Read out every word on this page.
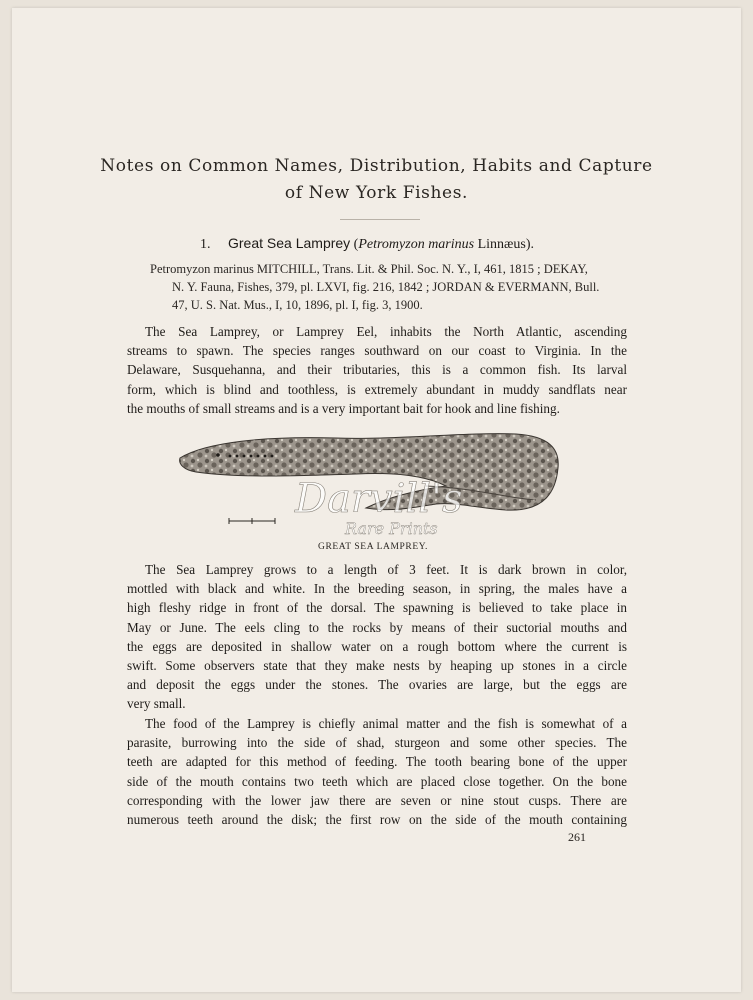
Notes on Common Names, Distribution, Habits and Capture
of New York Fishes.
1. Great Sea Lamprey (Petromyzon marinus Linnæus).
Petromyzon marinus MITCHILL, Trans. Lit. & Phil. Soc. N. Y., I, 461, 1815 ; DEKAY,
N. Y. Fauna, Fishes, 379, pl. LXVI, fig. 216, 1842 ; JORDAN & EVERMANN, Bull.
47, U. S. Nat. Mus., I, 10, 1896, pl. I, fig. 3, 1900.
The Sea Lamprey, or Lamprey Eel, inhabits the North Atlantic, ascending
streams to spawn. The species ranges southward on our coast to Virginia. In the
Delaware, Susquehanna, and their tributaries, this is a common fish. Its larval
form, which is blind and toothless, is extremely abundant in muddy sandflats near
the mouths of small streams and is a very important bait for hook and line fishing.
Darvill's
Rare Prints
GREAT SEA LAMPREY.
The Sea Lamprey grows to a length of 3 feet. It is dark brown in color,
mottled with black and white. In the breeding season, in spring, the males have a
high fleshy ridge in front of the dorsal. The spawning is believed to take place in
May or June. The eels cling to the rocks by means of their suctorial mouths and
the eggs are deposited in shallow water on a rough bottom where the current is
swift. Some observers state that they make nests by heaping up stones in a circle
and deposit the eggs under the stones. The ovaries are large, but the eggs are
very small.
The food of the Lamprey is chiefly animal matter and the fish is somewhat of a
parasite, burrowing into the side of shad, sturgeon and some other species. The
teeth are adapted for this method of feeding. The tooth bearing bone of the upper
side of the mouth contains two teeth which are placed close together. On the bone
corresponding with the lower jaw there are seven or nine stout cusps. There are
numerous teeth around the disk; the first row on the side of the mouth containing
261
